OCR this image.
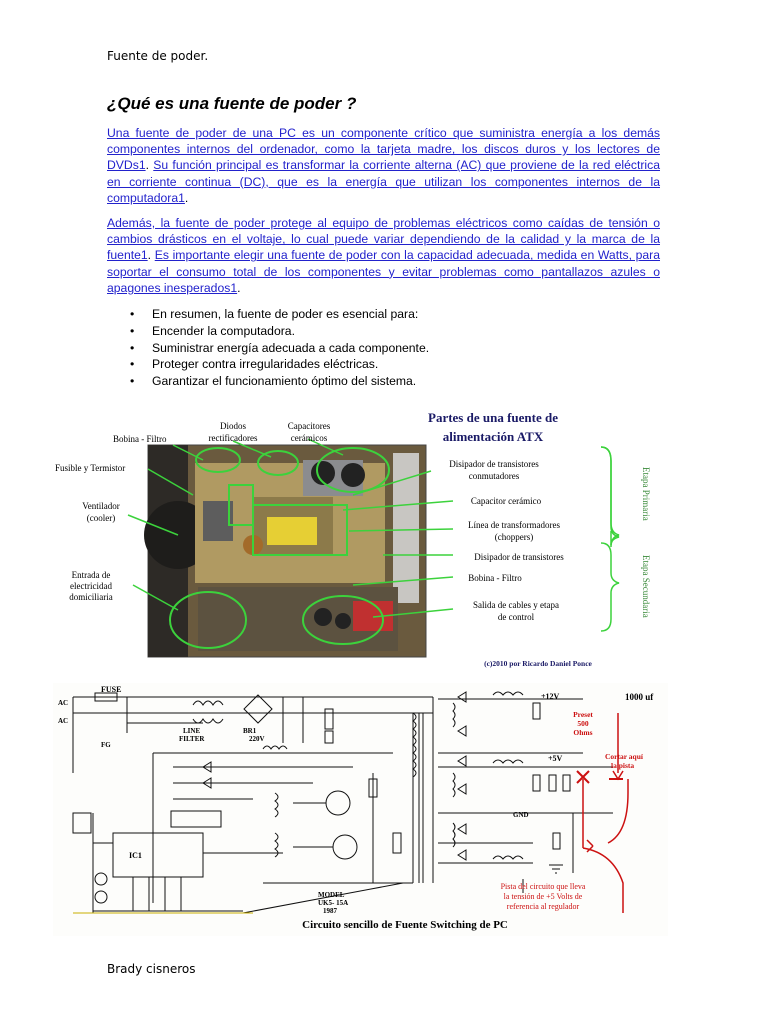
Fuente de poder.
¿Qué es una fuente de poder ?

Una fuente de poder de una PC es un componente crítico que suministra energía a los demás componentes internos del ordenador, como la tarjeta madre, los discos duros y los lectores de DVDs1. Su función principal es transformar la corriente alterna (AC) que proviene de la red eléctrica en corriente continua (DC), que es la energía que utilizan los componentes internos de la computadora1.

Además, la fuente de poder protege al equipo de problemas eléctricos como caídas de tensión o cambios drásticos en el voltaje, lo cual puede variar dependiendo de la calidad y la marca de la fuente1. Es importante elegir una fuente de poder con la capacidad adecuada, medida en Watts, para soportar el consumo total de los componentes y evitar problemas como pantallazos azules o apagones inesperados1.

• En resumen, la fuente de poder es esencial para:
• Encender la computadora.
• Suministrar energía adecuada a cada componente.
• Proteger contra irregularidades eléctricas.
• Garantizar el funcionamiento óptimo del sistema.
Partes de una fuente de
alimentación ATX
Bobina - Filtro
Diodos
rectificadores
Capacitores
cerámicos
Fusible y Termistor
Ventilador
(cooler)
Entrada de
electricidad
domiciliaria
Disipador de transistores
conmutadores
Capacitor cerámico
Línea de transformadores
(choppers)
Disipador de transistores
Bobina - Filtro
Salida de cables y etapa
de control
Etapa Primaria
Etapa Secundaria
(c)2010 por Ricardo Daniel Ponce
FUSE
AC
AC
FG
LINE
FILTER
BR1
220V
IC1
MODEL
UK5- 15A
1987
+12V
+5V
GND
1000 uf
Preset
500
Ohms
Cortar aquí
la pista
Pista del circuito que lleva
la tensión de +5 Volts de
referencia al regulador
Circuito sencillo de Fuente Switching de PC
Brady cisneros
